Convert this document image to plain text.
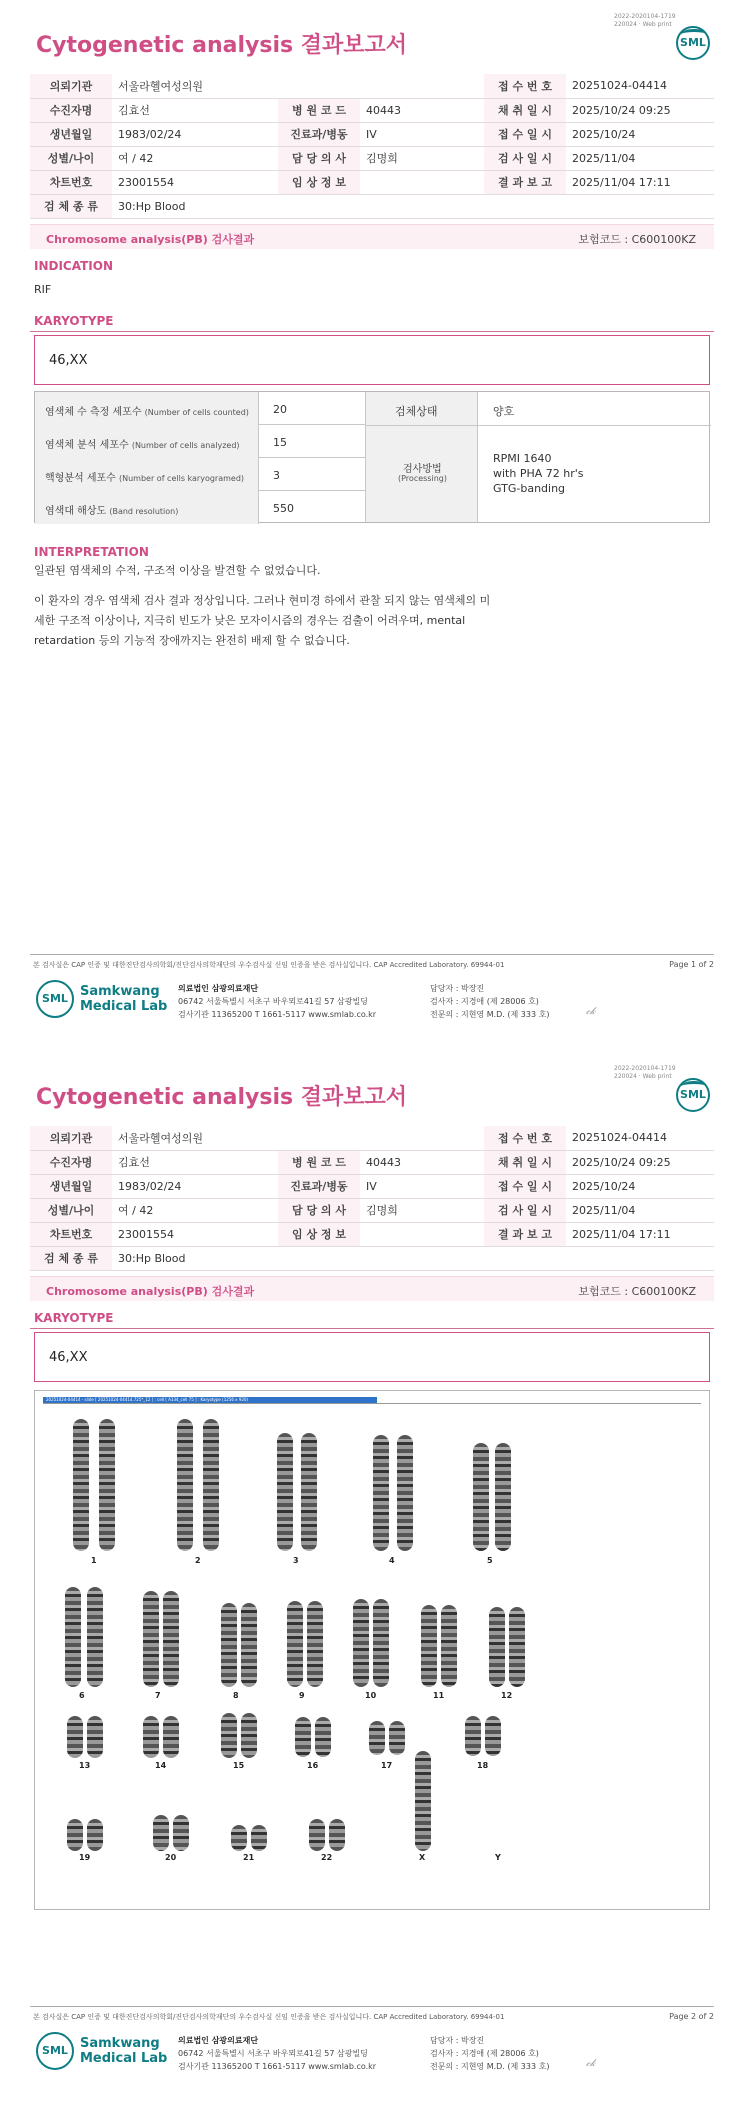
2022-2020104-1719
220024 · Web print
Cytogenetic analysis 결과보고서	SML
의뢰기관	서울라헬여성의원			접 수 번 호	20251024-04414
수진자명	김효선	병 원 코 드	40443	채 취 일 시	2025/10/24 09:25
생년월일	1983/02/24	진료과/병동	IV	접 수 일 시	2025/10/24
성별/나이	여 / 42	담 당 의 사	김명희	검 사 일 시	2025/11/04
차트번호	23001554	임 상 정 보		결 과 보 고	2025/11/04 17:11
검 체 종 류	30:Hp Blood				
Chromosome analysis(PB) 검사결과	보험코드 : C600100KZ
INDICATION
RIF
KARYOTYPE
46,XX
염색체 수 측정 세포수 (Number of cells counted) 20
염색체 분석 세포수 (Number of cells analyzed)	15
핵형분석 세포수 (Number of cells karyogramed)	3
염색대 해상도 (Band resolution)	550
검체상태	양호
검사방법
(Processing)
RPMI 1640
with PHA 72 hr's
GTG-banding
INTERPRETATION
일관된 염색체의 수적, 구조적 이상을 발견할 수 없었습니다.
이 환자의 경우 염색체 검사 결과 정상입니다. 그러나 현미경 하에서 관찰 되지 않는 염색체의 미세한 구조적 이상이나, 지극히 빈도가 낮은 모자이시즘의 경우는 검출이 어려우며, mental retardation 등의 기능적 장애까지는 완전히 배제 할 수 없습니다.
본 검사실은 CAP 인증 및 대한진단검사의학회/진단검사의학재단의 우수검사실 신임 인증을 받은 검사실입니다. CAP Accredited Laboratory. 69944-01	Page 1 of 2
SML Samkwang
Medical Lab
의료법인 삼광의료재단
06742 서울특별시 서초구 바우뫼로41길 57 삼광빌딩
검사기관 11365200 T 1661-5117 www.smlab.co.kr
담당자 : 박장진
검사자 : 지경애 (제 28006 호)
전문의 : 지현영 M.D. (제 333 호)	𝒸𝓀
2022-2020104-1719
220024 · Web print
Cytogenetic analysis 결과보고서	SML
의뢰기관	서울라헬여성의원			접 수 번 호	20251024-04414
수진자명	김효선	병 원 코 드	40443	채 취 일 시	2025/10/24 09:25
생년월일	1983/02/24	진료과/병동	IV	접 수 일 시	2025/10/24
성별/나이	여 / 42	담 당 의 사	김명희	검 사 일 시	2025/11/04
차트번호	23001554	임 상 정 보		결 과 보 고	2025/11/04 17:11
검 체 종 류	30:Hp Blood				
Chromosome analysis(PB) 검사결과	보험코드 : C600100KZ
KARYOTYPE
46,XX
본 검사실은 CAP 인증 및 대한진단검사의학회/진단검사의학재단의 우수검사실 신임 인증을 받은 검사실입니다. CAP Accredited Laboratory. 69944-01	Page 2 of 2
SML Samkwang
Medical Lab
의료법인 삼광의료재단
06742 서울특별시 서초구 바우뫼로41길 57 삼광빌딩
검사기관 11365200 T 1661-5117 www.smlab.co.kr
담당자 : 박장진
검사자 : 지경애 (제 28006 호)
전문의 : 지현영 M.D. (제 333 호)	𝒸𝓀
20251024-04414 - slide [ 20251024-04414.725*_12 ] : cell [ A334_cell 75 ] : Karyotype (1256 x 920)
1	2	3	4	5
6	7	8	9	10	11	12
13	14	15	16	17	18
19	20	21	22	X	Y
